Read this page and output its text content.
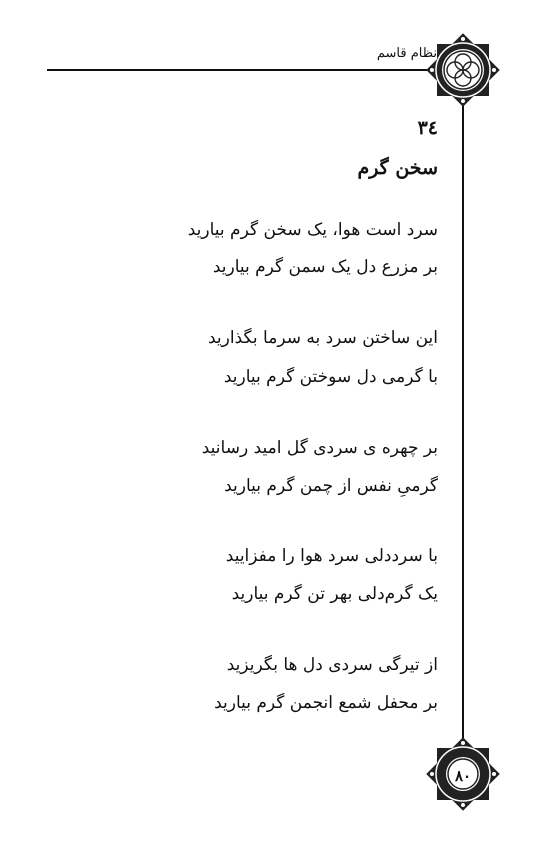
نظام قاسم
٣٤
سخن گرم
سرد است هوا، یک سخن گرم بیارید
بر مزرع دل یک سمن گرم بیارید
این ساختن سرد به سرما بگذارید
با گرمی دل سوختن گرم بیارید
بر چهره ی سردی گل امید رسانید
گرمیِ نفس از چمن گرم بیارید
با سرددلی سرد هوا را مفزایید
یک گرم‌دلی بهر تن گرم بیارید
از تیرگی سردی دل ها بگریزید
بر محفل شمع انجمن گرم بیارید
٨٠
